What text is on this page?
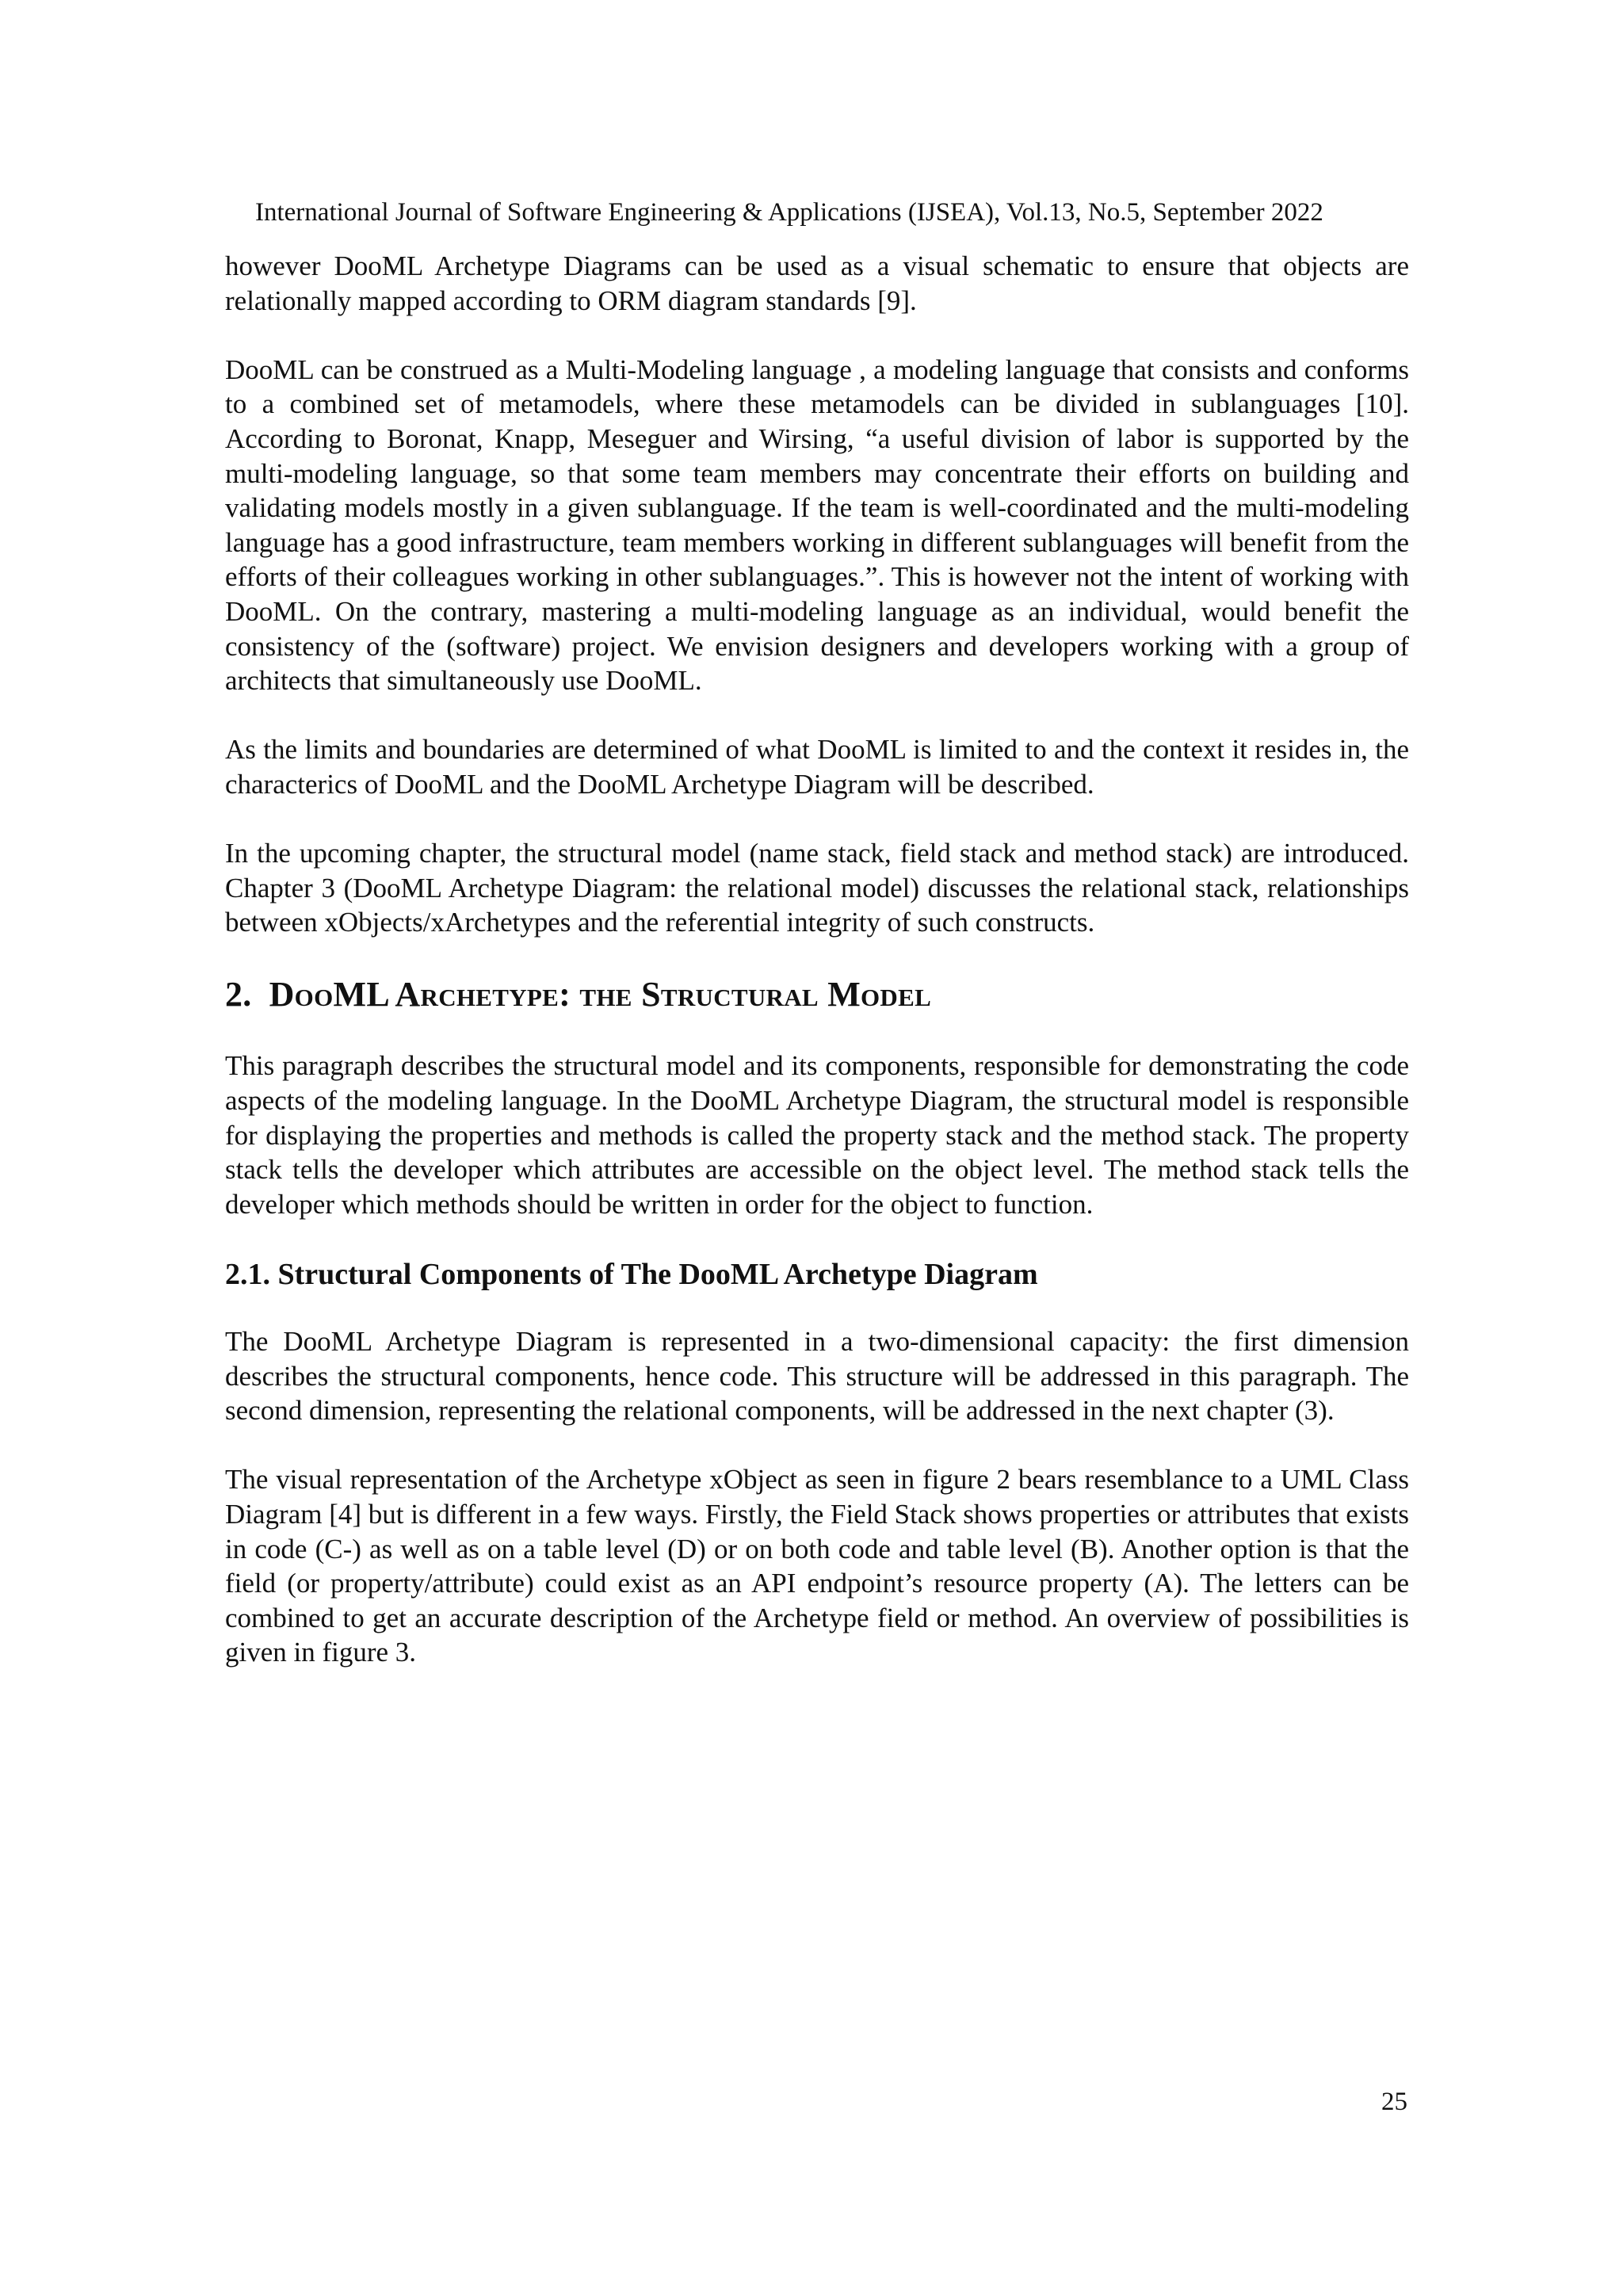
International Journal of Software Engineering & Applications (IJSEA), Vol.13, No.5, September 2022

however DooML Archetype Diagrams can be used as a visual schematic to ensure that objects are relationally mapped according to ORM diagram standards [9].

DooML can be construed as a Multi-Modeling language , a modeling language that consists and conforms to a combined set of metamodels, where these metamodels can be divided in sublanguages [10]. According to Boronat, Knapp, Meseguer and Wirsing, “a useful division of labor is supported by the multi-modeling language, so that some team members may concentrate their efforts on building and validating models mostly in a given sublanguage. If the team is well-coordinated and the multi-modeling language has a good infrastructure, team members working in different sublanguages will benefit from the efforts of their colleagues working in other sublanguages.”. This is however not the intent of working with DooML. On the contrary, mastering a multi-modeling language as an individual, would benefit the consistency of the (software) project. We envision designers and developers working with a group of architects that simultaneously use DooML.

As the limits and boundaries are determined of what DooML is limited to and the context it resides in, the characterics of DooML and the DooML Archetype Diagram will be described.

In the upcoming chapter, the structural model (name stack, field stack and method stack) are introduced. Chapter 3 (DooML Archetype Diagram: the relational model) discusses the relational stack, relationships between xObjects/xArchetypes and the referential integrity of such constructs.

2. DooML Archetype: the Structural Model

This paragraph describes the structural model and its components, responsible for demonstrating the code aspects of the modeling language. In the DooML Archetype Diagram, the structural model is responsible for displaying the properties and methods is called the property stack and the method stack. The property stack tells the developer which attributes are accessible on the object level. The method stack tells the developer which methods should be written in order for the object to function.

2.1. Structural Components of The DooML Archetype Diagram

The DooML Archetype Diagram is represented in a two-dimensional capacity: the first dimension describes the structural components, hence code. This structure will be addressed in this paragraph. The second dimension, representing the relational components, will be addressed in the next chapter (3).

The visual representation of the Archetype xObject as seen in figure 2 bears resemblance to a UML Class Diagram [4] but is different in a few ways. Firstly, the Field Stack shows properties or attributes that exists in code (C-) as well as on a table level (D) or on both code and table level (B). Another option is that the field (or property/attribute) could exist as an API endpoint’s resource property (A). The letters can be combined to get an accurate description of the Archetype field or method. An overview of possibilities is given in figure 3.

25
